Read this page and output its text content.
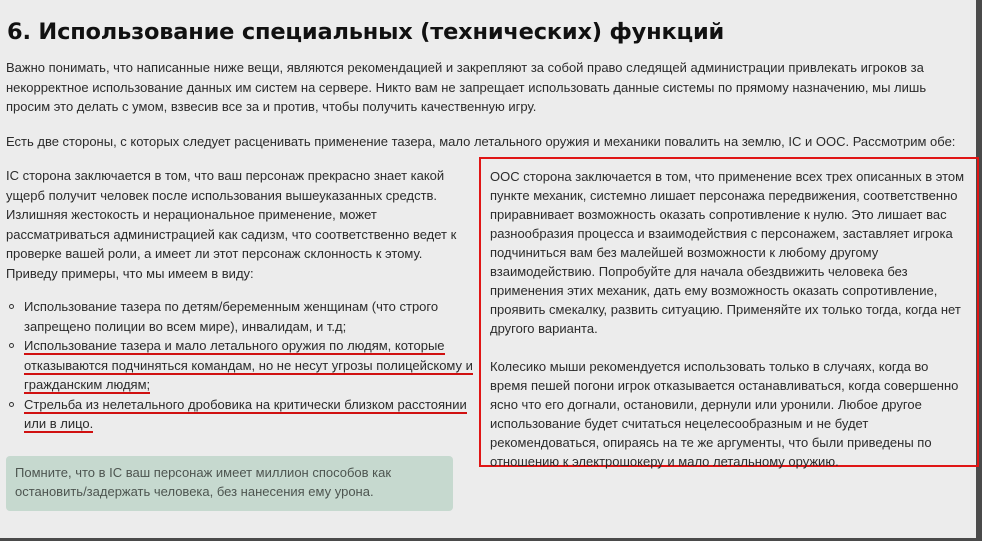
6. Использование специальных (технических) функций

Важно понимать, что написанные ниже вещи, являются рекомендацией и закрепляют за собой право следящей администрации привлекать игроков за некорректное использование данных им систем на сервере. Никто вам не запрещает использовать данные системы по прямому назначению, мы лишь просим это делать с умом, взвесив все за и против, чтобы получить качественную игру.

Есть две стороны, с которых следует расценивать применение тазера, мало летального оружия и механики повалить на землю, IC и OOC. Рассмотрим обе:

IC сторона заключается в том, что ваш персонаж прекрасно знает какой ущерб получит человек после использования вышеуказанных средств. Излишняя жестокость и нерациональное применение, может рассматриваться администрацией как садизм, что соответственно ведет к проверке вашей роли, а имеет ли этот персонаж склонность к этому. Приведу примеры, что мы имеем в виду:

Использование тазера по детям/беременным женщинам (что строго запрещено полиции во всем мире), инвалидам, и т.д;
Использование тазера и мало летального оружия по людям, которые отказываются подчиняться командам, но не несут угрозы полицейскому и гражданским людям;
Стрельба из нелетального дробовика на критически близком расстоянии или в лицо.
Помните, что в IC ваш персонаж имеет миллион способов как остановить/задержать человека, без нанесения ему урона.

OOC сторона заключается в том, что применение всех трех описанных в этом пункте механик, системно лишает персонажа передвижения, соответственно приравнивает возможность оказать сопротивление к нулю. Это лишает вас разнообразия процесса и взаимодействия с персонажем, заставляет игрока подчиниться вам без малейшей возможности к любому другому взаимодействию. Попробуйте для начала обездвижить человека без применения этих механик, дать ему возможность оказать сопротивление, проявить смекалку, развить ситуацию. Применяйте их только тогда, когда нет другого варианта.

Колесико мыши рекомендуется использовать только в случаях, когда во время пешей погони игрок отказывается останавливаться, когда совершенно ясно что его догнали, остановили, дернули или уронили. Любое другое использование будет считаться нецелесообразным и не будет рекомендоваться, опираясь на те же аргументы, что были приведены по отношению к электрошокеру и мало летальному оружию.
